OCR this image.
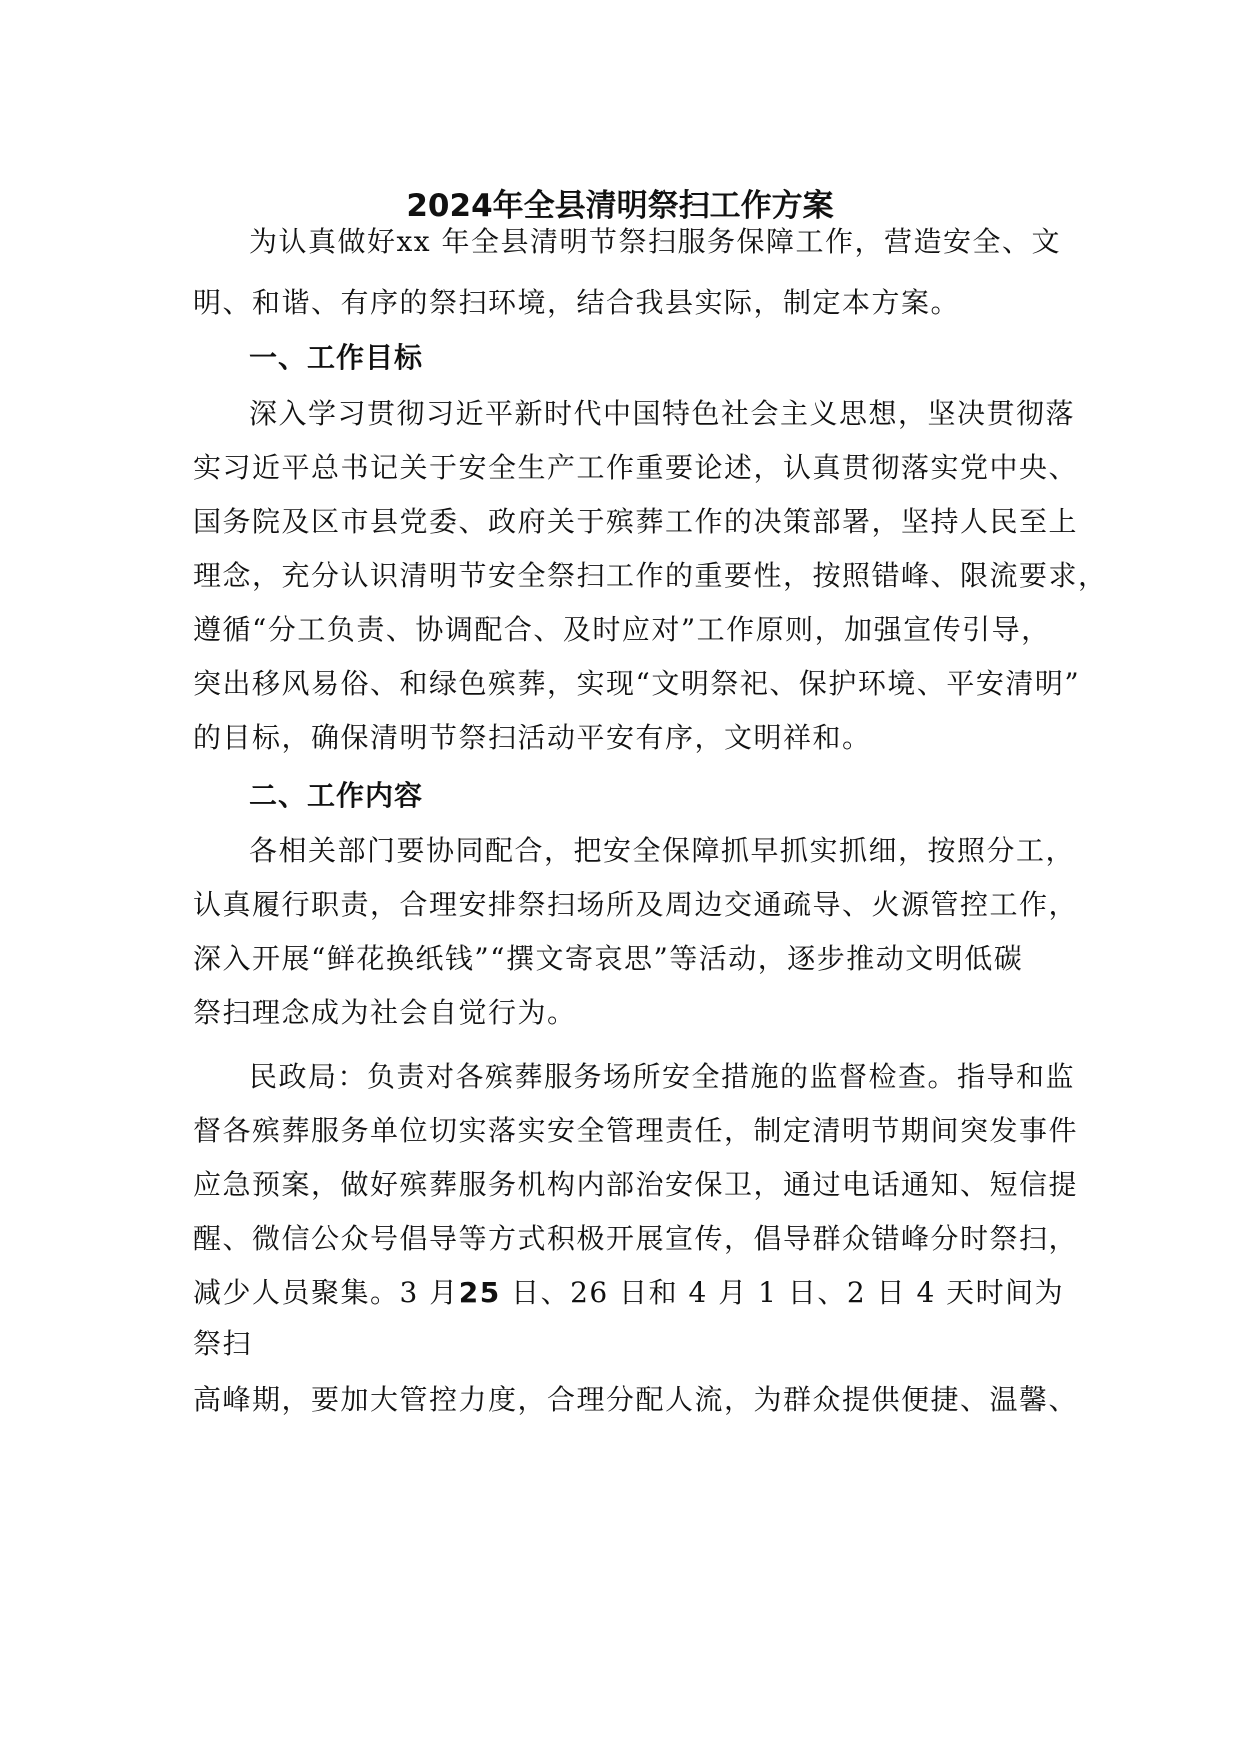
2024年全县清明祭扫工作方案
为认真做好xx 年全县清明节祭扫服务保障工作，营造安全、文
明、和谐、有序的祭扫环境，结合我县实际，制定本方案。
一、工作目标
深入学习贯彻习近平新时代中国特色社会主义思想，坚决贯彻落
实习近平总书记关于安全生产工作重要论述，认真贯彻落实党中央、
国务院及区市县党委、政府关于殡葬工作的决策部署，坚持人民至上
理念，充分认识清明节安全祭扫工作的重要性，按照错峰、限流要求，
遵循“分工负责、协调配合、及时应对”工作原则，加强宣传引导，
突出移风易俗、和绿色殡葬，实现“文明祭祀、保护环境、平安清明”
的目标，确保清明节祭扫活动平安有序，文明祥和。
二、工作内容
各相关部门要协同配合，把安全保障抓早抓实抓细，按照分工，
认真履行职责，合理安排祭扫场所及周边交通疏导、火源管控工作，
深入开展“鲜花换纸钱”“撰文寄哀思”等活动，逐步推动文明低碳
祭扫理念成为社会自觉行为。
民政局：负责对各殡葬服务场所安全措施的监督检查。指导和监
督各殡葬服务单位切实落实安全管理责任，制定清明节期间突发事件
应急预案，做好殡葬服务机构内部治安保卫，通过电话通知、短信提
醒、微信公众号倡导等方式积极开展宣传，倡导群众错峰分时祭扫，
减少人员聚集。3 月25 日、26 日和 4 月 1 日、2 日 4 天时间为
祭扫
高峰期，要加大管控力度，合理分配人流，为群众提供便捷、温馨、
